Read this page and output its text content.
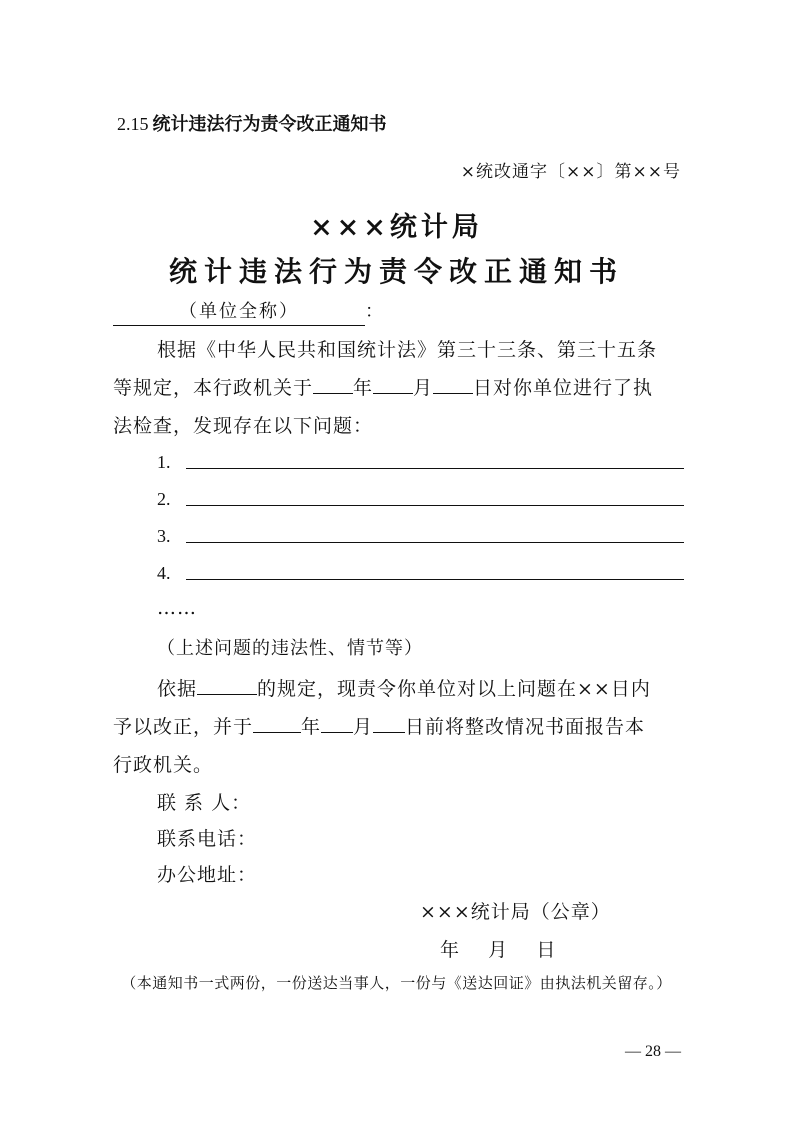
2.15 统计违法行为责令改正通知书
×统改通字〔××〕第××号
×××统计局
统计违法行为责令改正通知书
（单位全称）	：
根据《中华人民共和国统计法》第三十三条、第三十五条
等规定，本行政机关于 年 月 日对你单位进行了执
法检查，发现存在以下问题：
1.
2.
3.
4.
……
（上述问题的违法性、情节等）
依据	的规定，现责令你单位对以上问题在××日内
予以改正，并于	年 月 日前将整改情况书面报告本
行政机关。
联 系 人：
联系电话：
办公地址：
×××统计局（公章）
年    月    日
（本通知书一式两份，一份送达当事人，一份与《送达回证》由执法机关留存。）
— 28 —
